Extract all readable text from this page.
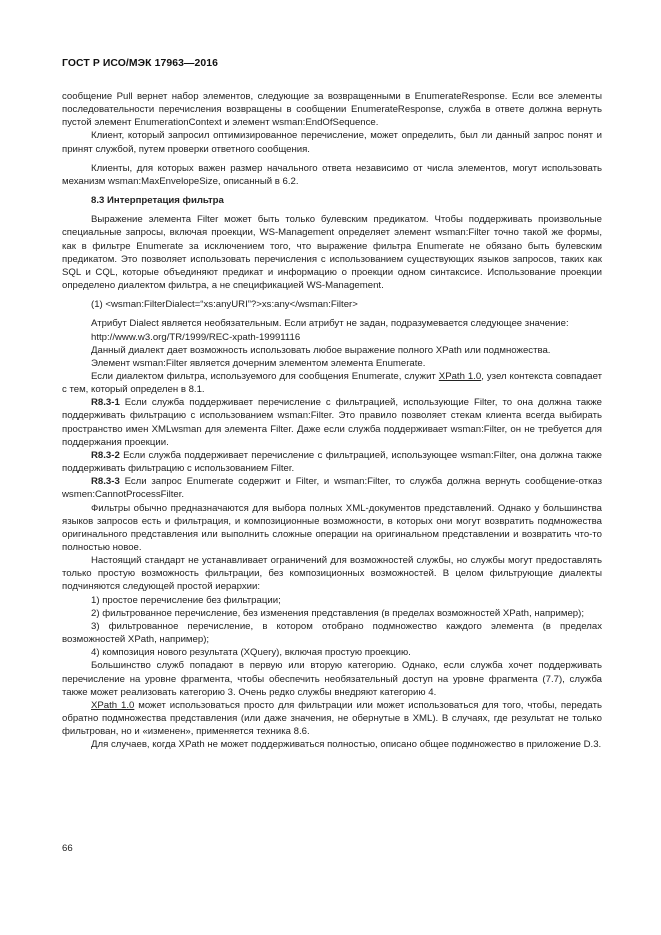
ГОСТ Р ИСО/МЭК 17963—2016

сообщение Pull вернет набор элементов, следующие за возвращенными в EnumerateResponse. Если все элементы последовательности перечисления возвращены в сообщении EnumerateResponse, служба в ответе должна вернуть пустой элемент EnumerationContext и элемент wsman:EndOfSequence.

Клиент, который запросил оптимизированное перечисление, может определить, был ли данный запрос понят и принят службой, путем проверки ответного сообщения.

Клиенты, для которых важен размер начального ответа независимо от числа элементов, могут использовать механизм wsman:MaxEnvelopeSize, описанный в 6.2.

8.3 Интерпретация фильтра

Выражение элемента Filter может быть только булевским предикатом. Чтобы поддерживать произвольные специальные запросы, включая проекции, WS-Management определяет элемент wsman:Filter точно такой же формы, как в фильтре Enumerate за исключением того, что выражение фильтра Enumerate не обязано быть булевским предикатом. Это позволяет использовать перечисления с использованием существующих языков запросов, таких как SQL и CQL, которые объединяют предикат и информацию о проекции одном синтаксисе. Использование проекции определено диалектом фильтра, а не спецификацией WS-Management.

(1) <wsman:FilterDialect=“xs:anyURI”?>xs:any</wsman:Filter>

Атрибут Dialect является необязательным. Если атрибут не задан, подразумевается следующее значение:

http://www.w3.org/TR/1999/REC-xpath-19991116

Данный диалект дает возможность использовать любое выражение полного XPath или подмножества.

Элемент wsman:Filter является дочерним элементом элемента Enumerate.

Если диалектом фильтра, используемого для сообщения Enumerate, служит XPath 1.0, узел контекста совпадает с тем, который определен в 8.1.

R8.3-1 Если служба поддерживает перечисление с фильтрацией, использующие Filter, то она должна также поддерживать фильтрацию с использованием wsman:Filter. Это правило позволяет стекам клиента всегда выбирать пространство имен XMLwsman для элемента Filter. Даже если служба поддерживает wsman:Filter, он не требуется для поддержания проекции.

R8.3-2 Если служба поддерживает перечисление с фильтрацией, использующее wsman:Filter, она должна также поддерживать фильтрацию с использованием Filter.

R8.3-3 Если запрос Enumerate содержит и Filter, и wsman:Filter, то служба должна вернуть сообщение-отказ wsmen:CannotProcessFilter.

Фильтры обычно предназначаются для выбора полных XML-документов представлений. Однако у большинства языков запросов есть и фильтрация, и композиционные возможности, в которых они могут возвратить подмножества оригинального представления или выполнить сложные операции на оригинальном представлении и возвратить что-то полностью новое.

Настоящий стандарт не устанавливает ограничений для возможностей службы, но службы могут предоставлять только простую возможность фильтрации, без композиционных возможностей. В целом фильтрующие диалекты подчиняются следующей простой иерархии:

1) простое перечисление без фильтрации;

2) фильтрованное перечисление, без изменения представления (в пределах возможностей XPath, например);

3) фильтрованное перечисление, в котором отобрано подмножество каждого элемента (в пределах возможностей XPath, например);

4) композиция нового результата (XQuery), включая простую проекцию.

Большинство служб попадают в первую или вторую категорию. Однако, если служба хочет поддерживать перечисление на уровне фрагмента, чтобы обеспечить необязательный доступ на уровне фрагмента (7.7), служба также может реализовать категорию 3. Очень редко службы внедряют категорию 4.

XPath 1.0 может использоваться просто для фильтрации или может использоваться для того, чтобы, передать обратно подмножества представления (или даже значения, не обернутые в XML). В случаях, где результат не только фильтрован, но и «изменен», применяется техника 8.6.

Для случаев, когда XPath не может поддерживаться полностью, описано общее подмножество в приложение D.3.

66
